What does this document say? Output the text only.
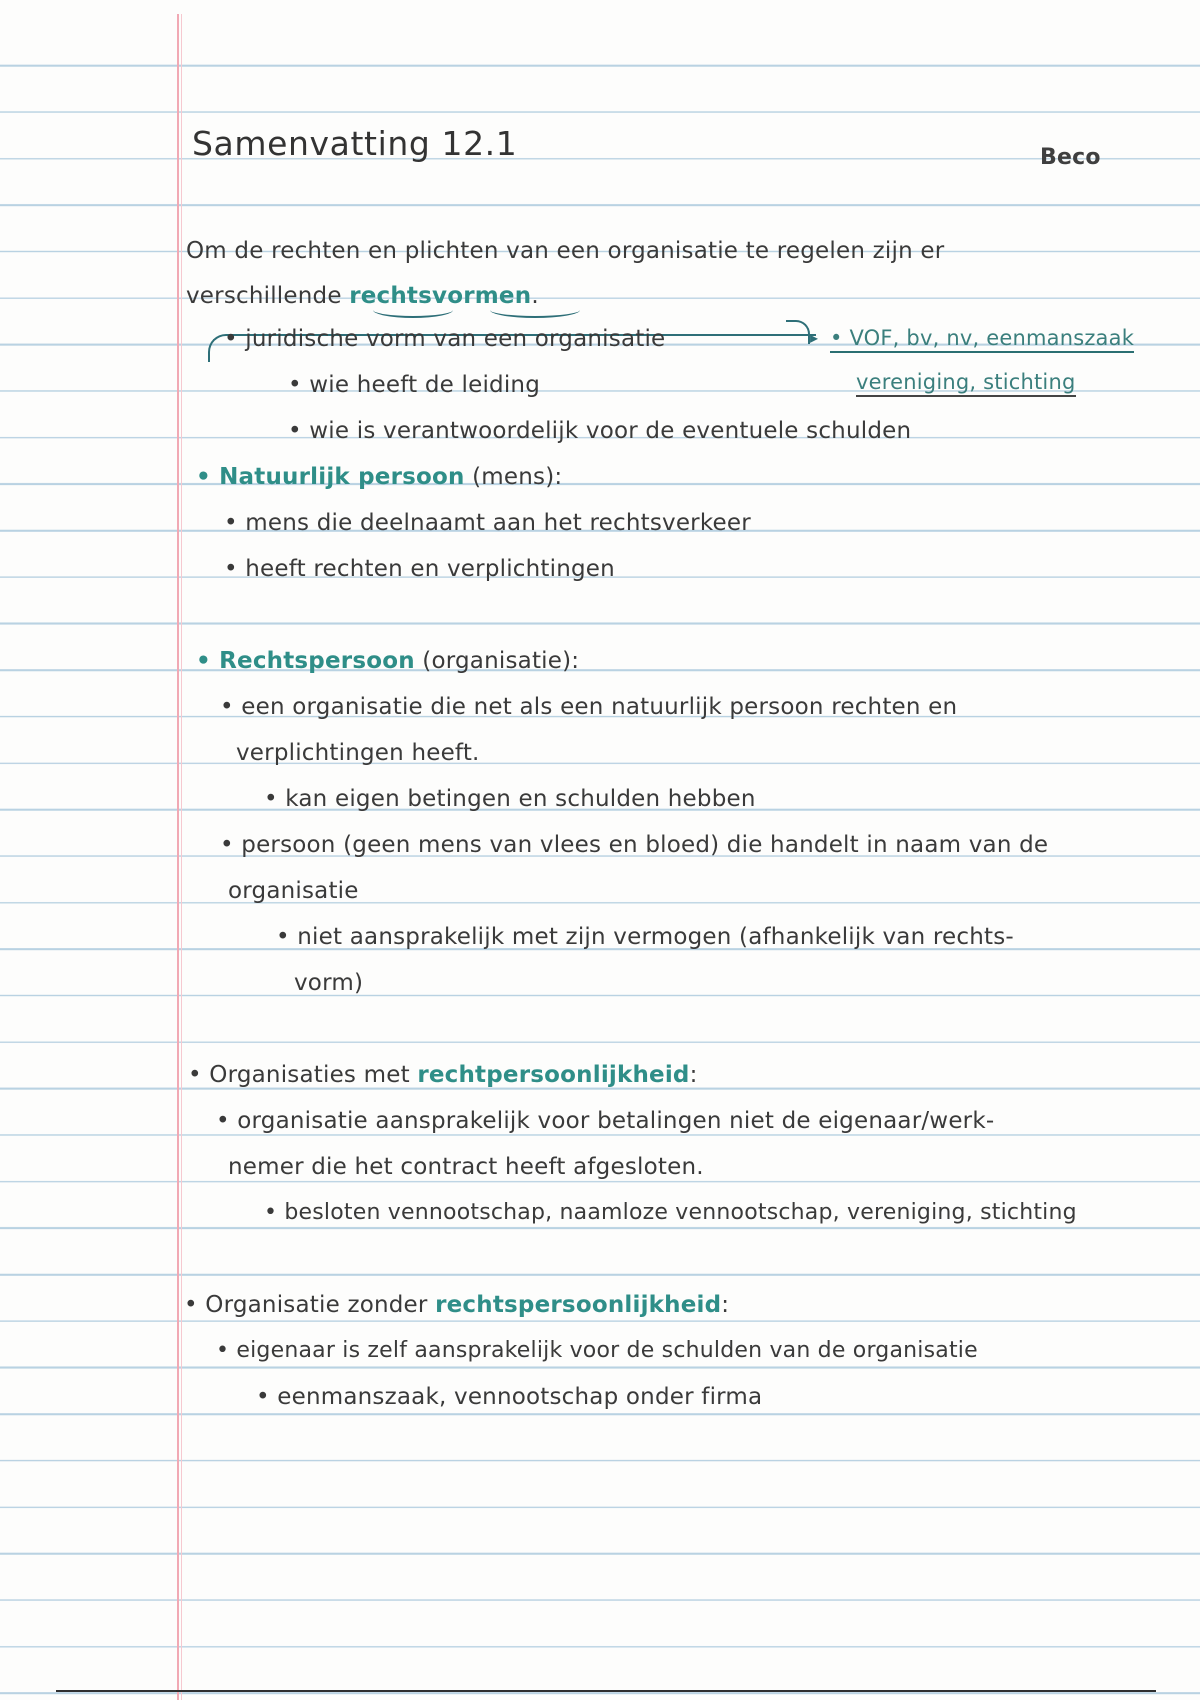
Samenvatting 12.1	Beco
Om de rechten en plichten van een organisatie te regelen zijn er
verschillende rechtsvormen.
▸
• juridische vorm van een organisatie	• VOF, bv, nv, eenmanszaak
vereniging, stichting
• wie heeft de leiding
• wie is verantwoordelijk voor de eventuele schulden
• Natuurlijk persoon (mens):
• mens die deelnaamt aan het rechtsverkeer
• heeft rechten en verplichtingen
• Rechtspersoon (organisatie):
• een organisatie die net als een natuurlijk persoon rechten en
verplichtingen heeft.
• kan eigen betingen en schulden hebben
• persoon (geen mens van vlees en bloed) die handelt in naam van de
organisatie
• niet aansprakelijk met zijn vermogen (afhankelijk van rechts-
vorm)
• Organisaties met rechtpersoonlijkheid:
• organisatie aansprakelijk voor betalingen niet de eigenaar/werk-
nemer die het contract heeft afgesloten.
• besloten vennootschap, naamloze vennootschap, vereniging, stichting
• Organisatie zonder rechtspersoonlijkheid:
• eigenaar is zelf aansprakelijk voor de schulden van de organisatie
• eenmanszaak, vennootschap onder firma
